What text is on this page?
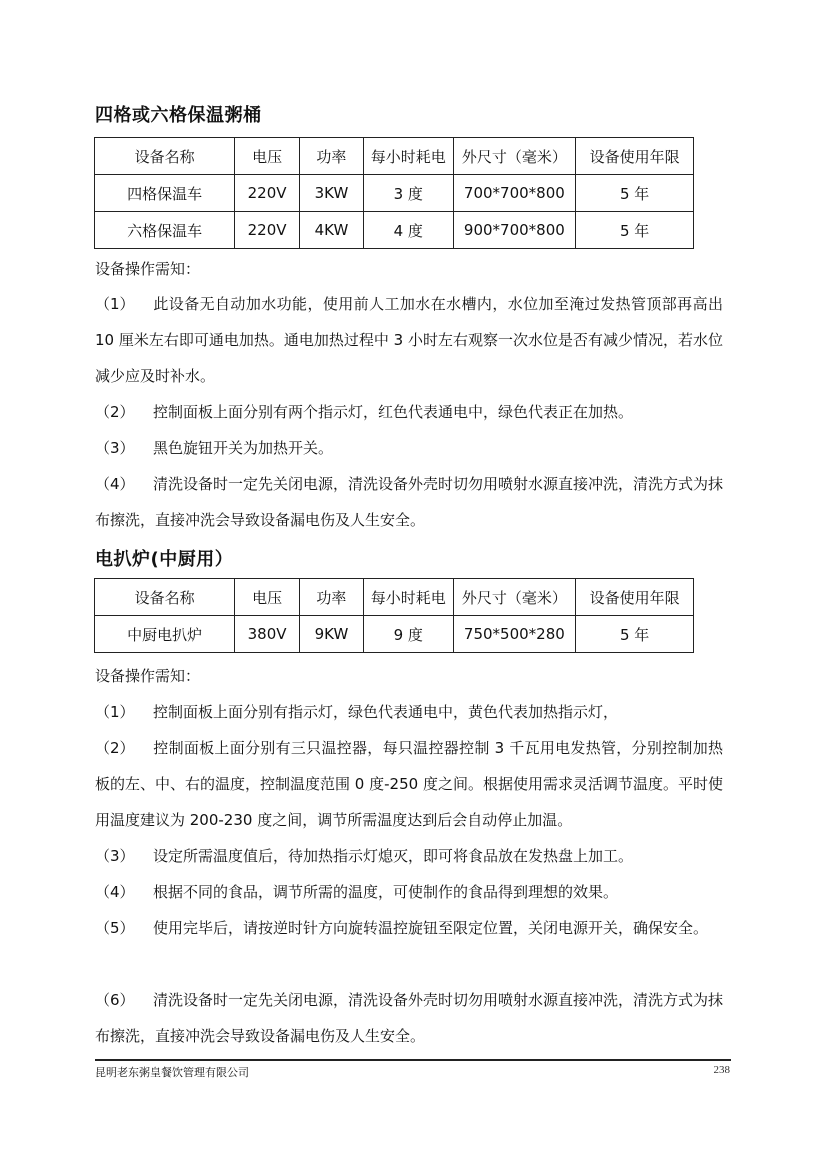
四格或六格保温粥桶
设备名称	电压	功率	每小时耗电	外尺寸（毫米）	设备使用年限
四格保温车	220V	3KW	3 度	700*700*800	5 年
六格保温车	220V	4KW	4 度	900*700*800	5 年
设备操作需知：

（1） 此设备无自动加水功能，使用前人工加水在水槽内，水位加至淹过发热管顶部再高出 10 厘米左右即可通电加热。通电加热过程中 3 小时左右观察一次水位是否有减少情况，若水位减少应及时补水。

（2） 控制面板上面分别有两个指示灯，红色代表通电中，绿色代表正在加热。

（3） 黑色旋钮开关为加热开关。

（4） 清洗设备时一定先关闭电源，清洗设备外壳时切勿用喷射水源直接冲洗，清洗方式为抹布擦洗，直接冲洗会导致设备漏电伤及人生安全。

电扒炉(中厨用）
设备名称	电压	功率	每小时耗电	外尺寸（毫米）	设备使用年限
中厨电扒炉	380V	9KW	9 度	750*500*280	5 年
设备操作需知：

（1） 控制面板上面分别有指示灯，绿色代表通电中，黄色代表加热指示灯，

（2） 控制面板上面分别有三只温控器，每只温控器控制 3 千瓦用电发热管，分别控制加热板的左、中、右的温度，控制温度范围 0 度-250 度之间。根据使用需求灵活调节温度。平时使用温度建议为 200-230 度之间，调节所需温度达到后会自动停止加温。

（3） 设定所需温度值后，待加热指示灯熄灭，即可将食品放在发热盘上加工。

（4） 根据不同的食品，调节所需的温度，可使制作的食品得到理想的效果。

（5） 使用完毕后，请按逆时针方向旋转温控旋钮至限定位置，关闭电源开关，确保安全。

（6） 清洗设备时一定先关闭电源，清洗设备外壳时切勿用喷射水源直接冲洗，清洗方式为抹布擦洗，直接冲洗会导致设备漏电伤及人生安全。

昆明老东粥皇餐饮管理有限公司	238
